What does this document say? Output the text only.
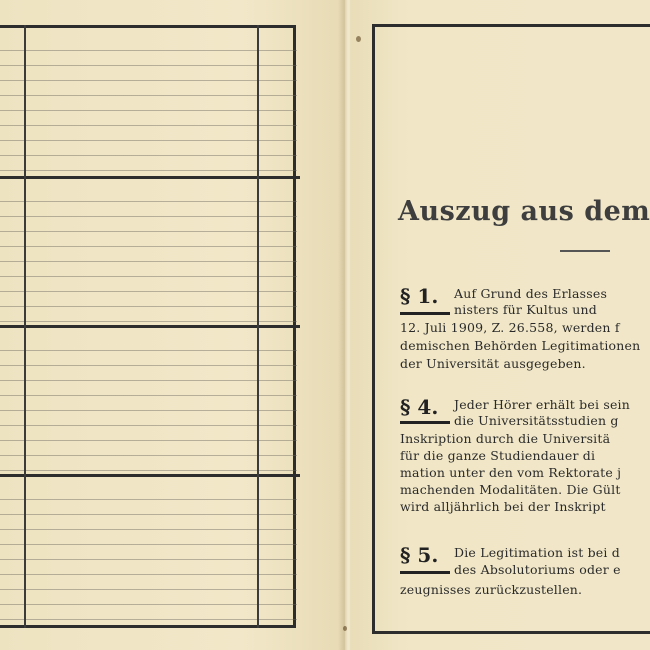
Auszug aus dem
§ 1. Auf Grund des Erlasses
nisters für Kultus und
12. Juli 1909, Z. 26.558, werden f
demischen Behörden Legitimationen
der Universität ausgegeben.
§ 4. Jeder Hörer erhält bei sein
die Universitätsstudien g
Inskription durch die Universitä
für die ganze Studiendauer di
mation unter den vom Rektorate j
machenden Modalitäten. Die Gült
wird alljährlich bei der Inskript
§ 5. Die Legitimation ist bei d
des Absolutoriums oder e
zeugnisses zurückzustellen.
